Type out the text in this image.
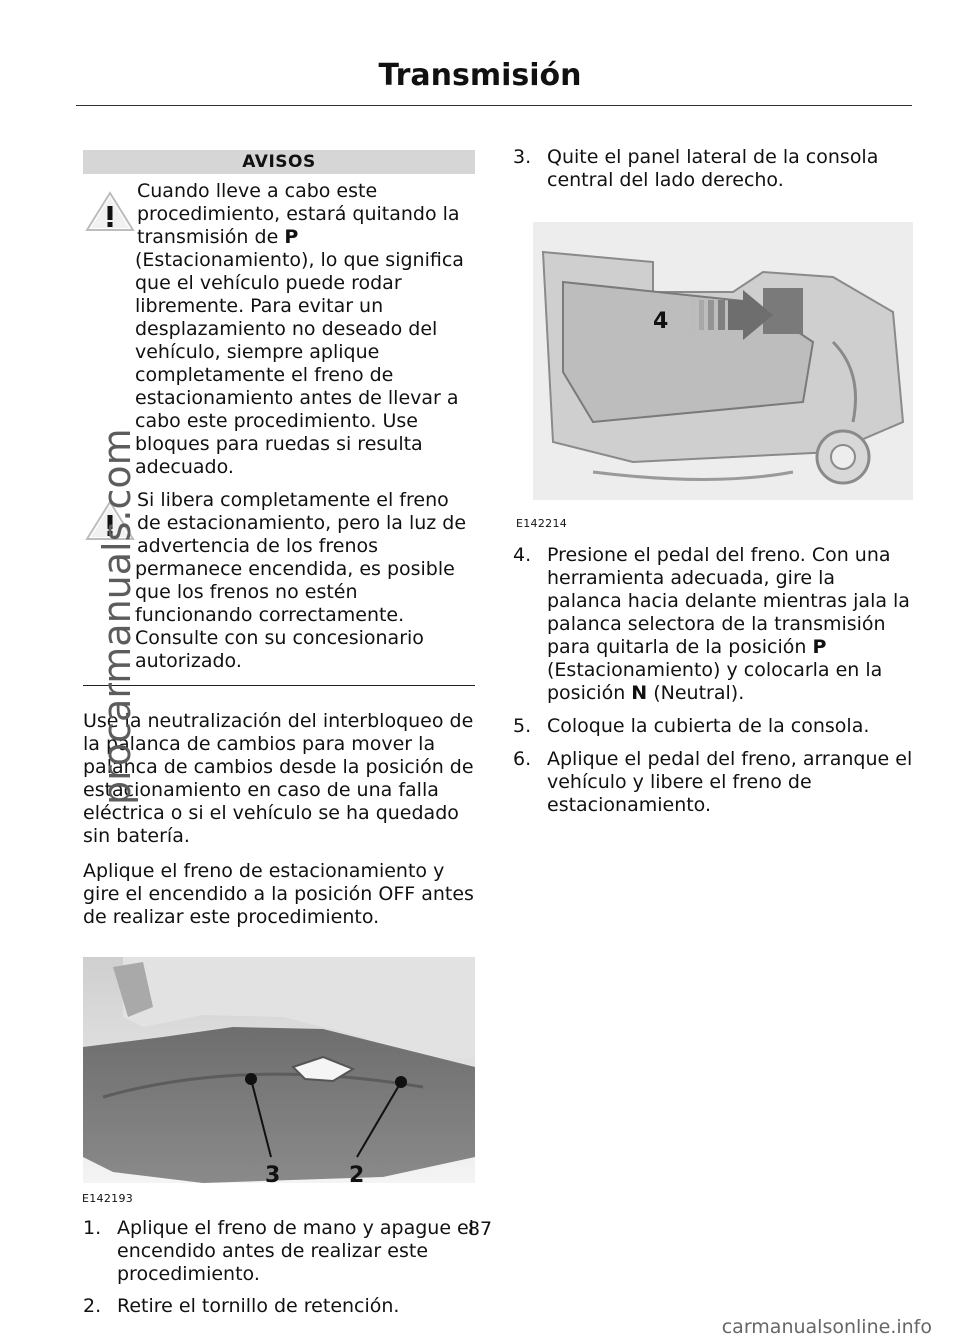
Transmisión
AVISOS

Cuando lleve a cabo este procedimiento, estará quitando la transmisión de P (Estacionamiento), lo que significa que el vehículo puede rodar libremente. Para evitar un desplazamiento no deseado del vehículo, siempre aplique completamente el freno de estacionamiento antes de llevar a cabo este procedimiento. Use bloques para ruedas si resulta adecuado.

Si libera completamente el freno de estacionamiento, pero la luz de advertencia de los frenos permanece encendida, es posible que los frenos no estén funcionando correctamente. Consulte con su concesionario autorizado.

Use la neutralización del interbloqueo de la palanca de cambios para mover la palanca de cambios desde la posición de estacionamiento en caso de una falla eléctrica o si el vehículo se ha quedado sin batería.

Aplique el freno de estacionamiento y gire el encendido a la posición OFF antes de realizar este procedimiento.

3	2
E142193
1. Aplique el freno de mano y apague el encendido antes de realizar este procedimiento.
2. Retire el tornillo de retención.
3. Quite el panel lateral de la consola central del lado derecho.
4
E142214
4. Presione el pedal del freno. Con una herramienta adecuada, gire la palanca hacia delante mientras jala la palanca selectora de la transmisión para quitarla de la posición P (Estacionamiento) y colocarla en la posición N (Neutral).
5. Coloque la cubierta de la consola.
6. Aplique el pedal del freno, arranque el vehículo y libere el freno de estacionamiento.
87
procarmanuals.com
carmanualsonline.info
